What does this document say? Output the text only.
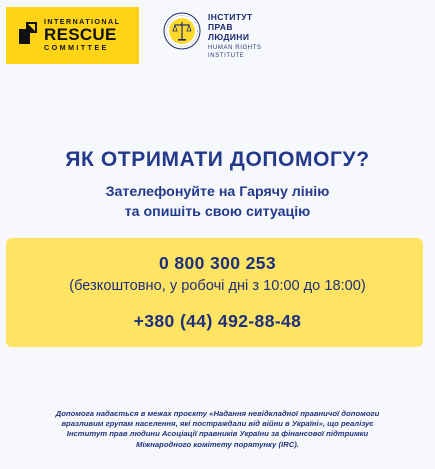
INTERNATIONAL
RESCUE
COMMITTEE
ІНСТИТУТ
ПРАВ
ЛЮДИНИ
HUMAN RIGHTS
INSTITUTE
ЯК ОТРИМАТИ ДОПОМОГУ?
Зателефонуйте на Гарячу лінію
та опишіть свою ситуацію
0 800 300 253
(безкоштовно, у робочі дні з 10:00 до 18:00)
+380 (44) 492-88-48
Допомога надається в межах проєкту «Надання невідкладної правничої допомоги
вразливим групам населення, які постраждали від війни в Україні», що реалізує
Інститут прав людини Асоціації правників України за фінансової підтримки
Міжнародного комітету порятунку (IRC).
